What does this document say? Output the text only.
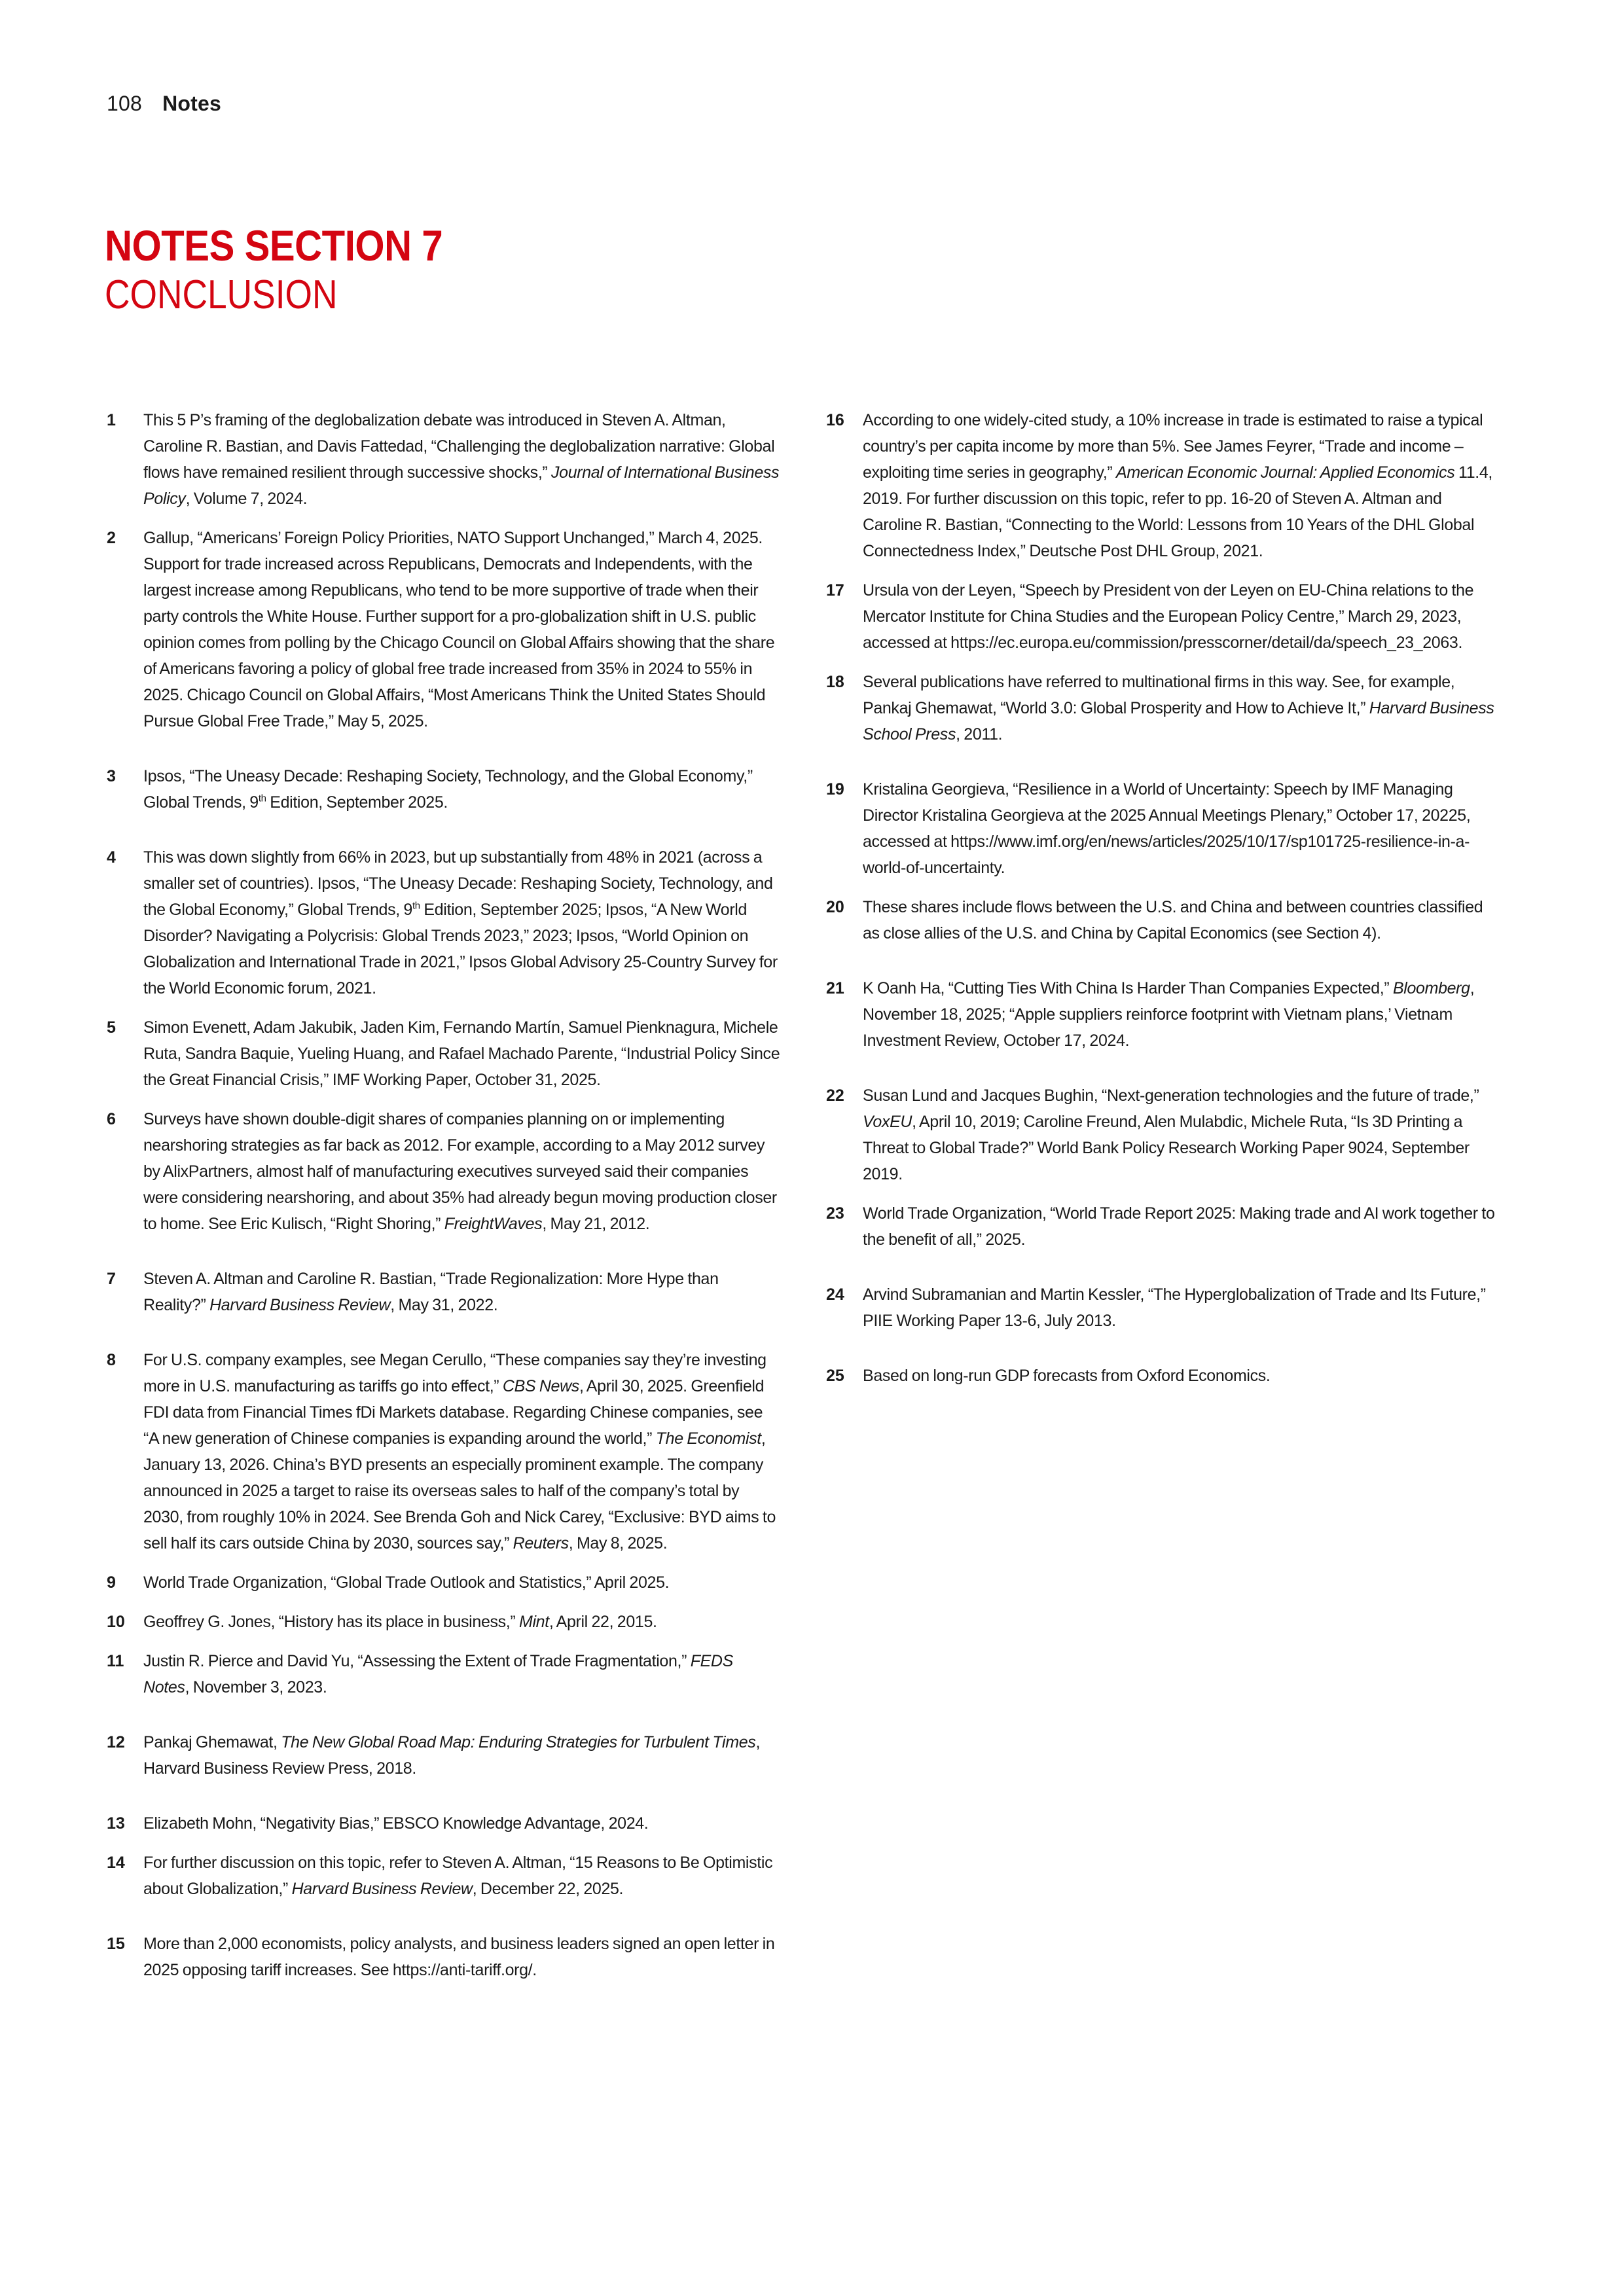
108 Notes
NOTES SECTION 7
CONCLUSION
1	This 5 P’s framing of the deglobalization debate was introduced in Steven A. Altman, Caroline R. Bastian, and Davis Fattedad, “Challenging the deglobalization narrative: Global flows have remained resilient through successive shocks,” Journal of International Business Policy, Volume 7, 2024.
2	Gallup, “Americans’ Foreign Policy Priorities, NATO Support Unchanged,” March 4, 2025. Support for trade increased across Republicans, Democrats and Independents, with the largest increase among Republicans, who tend to be more supportive of trade when their party controls the White House. Further support for a pro-globalization shift in U.S. public opinion comes from polling by the Chicago Council on Global Affairs showing that the share of Americans favoring a policy of global free trade increased from 35% in 2024 to 55% in 2025. Chicago Council on Global Affairs, “Most Americans Think the United States Should Pursue Global Free Trade,” May 5, 2025.
3	Ipsos, “The Uneasy Decade: Reshaping Society, Technology, and the Global Economy,” Global Trends, 9th Edition, September 2025.
4	This was down slightly from 66% in 2023, but up substantially from 48% in 2021 (across a smaller set of countries). Ipsos, “The Uneasy Decade: Reshaping Society, Technology, and the Global Economy,” Global Trends, 9th Edition, September 2025; Ipsos, “A New World Disorder? Navigating a Polycrisis: Global Trends 2023,” 2023; Ipsos, “World Opinion on Globalization and International Trade in 2021,” Ipsos Global Advisory 25-Country Survey for the World Economic forum, 2021.
5	Simon Evenett, Adam Jakubik, Jaden Kim, Fernando Martín, Samuel Pienknagura, Michele Ruta, Sandra Baquie, Yueling Huang, and Rafael Machado Parente, “Industrial Policy Since the Great Financial Crisis,” IMF Working Paper, October 31, 2025.
6	Surveys have shown double-digit shares of companies planning on or implementing nearshoring strategies as far back as 2012. For example, according to a May 2012 survey by AlixPartners, almost half of manufacturing executives surveyed said their companies were considering nearshoring, and about 35% had already begun moving production closer to home. See Eric Kulisch, “Right Shoring,” FreightWaves, May 21, 2012.
7	Steven A. Altman and Caroline R. Bastian, “Trade Regionalization: More Hype than Reality?” Harvard Business Review, May 31, 2022.
8	For U.S. company examples, see Megan Cerullo, “These companies say they’re investing more in U.S. manufacturing as tariffs go into effect,” CBS News, April 30, 2025. Greenfield FDI data from Financial Times fDi Markets database. Regarding Chinese companies, see “A new generation of Chinese companies is expanding around the world,” The Economist, January 13, 2026. China’s BYD presents an especially prominent example. The company announced in 2025 a target to raise its overseas sales to half of the company’s total by 2030, from roughly 10% in 2024. See Brenda Goh and Nick Carey, “Exclusive: BYD aims to sell half its cars outside China by 2030, sources say,” Reuters, May 8, 2025.
9	World Trade Organization, “Global Trade Outlook and Statistics,” April 2025.
10	Geoffrey G. Jones, “History has its place in business,” Mint, April 22, 2015.
11	Justin R. Pierce and David Yu, “Assessing the Extent of Trade Fragmentation,” FEDS Notes, November 3, 2023.
12	Pankaj Ghemawat, The New Global Road Map: Enduring Strategies for Turbulent Times, Harvard Business Review Press, 2018.
13	Elizabeth Mohn, “Negativity Bias,” EBSCO Knowledge Advantage, 2024.
14	For further discussion on this topic, refer to Steven A. Altman, “15 Reasons to Be Optimistic about Globalization,” Harvard Business Review, December 22, 2025.
15	More than 2,000 economists, policy analysts, and business leaders signed an open letter in 2025 opposing tariff increases. See https://anti-tariff.org/.
16	According to one widely-cited study, a 10% increase in trade is estimated to raise a typical country’s per capita income by more than 5%. See James Feyrer, “Trade and income – exploiting time series in geography,” American Economic Journal: Applied Economics 11.4, 2019. For further discussion on this topic, refer to pp. 16-20 of Steven A. Altman and Caroline R. Bastian, “Connecting to the World: Lessons from 10 Years of the DHL Global Connectedness Index,” Deutsche Post DHL Group, 2021.
17	Ursula von der Leyen, “Speech by President von der Leyen on EU-China relations to the Mercator Institute for China Studies and the European Policy Centre,” March 29, 2023, accessed at https://ec.europa.eu/commission/presscorner/detail/da/speech_23_2063.
18	Several publications have referred to multinational firms in this way. See, for example, Pankaj Ghemawat, “World 3.0: Global Prosperity and How to Achieve It,” Harvard Business School Press, 2011.
19	Kristalina Georgieva, “Resilience in a World of Uncertainty: Speech by IMF Managing Director Kristalina Georgieva at the 2025 Annual Meetings Plenary,” October 17, 20225, accessed at https://www.imf.org/en/news/articles/2025/10/17/sp101725-resilience-in-a-world-of-uncertainty.
20	These shares include flows between the U.S. and China and between countries classified as close allies of the U.S. and China by Capital Economics (see Section 4).
21	K Oanh Ha, “Cutting Ties With China Is Harder Than Companies Expected,” Bloomberg, November 18, 2025; “Apple suppliers reinforce footprint with Vietnam plans,’ Vietnam Investment Review, October 17, 2024.
22	Susan Lund and Jacques Bughin, “Next-generation technologies and the future of trade,” VoxEU, April 10, 2019; Caroline Freund, Alen Mulabdic, Michele Ruta, “Is 3D Printing a Threat to Global Trade?” World Bank Policy Research Working Paper 9024, September 2019.
23	World Trade Organization, “World Trade Report 2025: Making trade and AI work together to the benefit of all,” 2025.
24	Arvind Subramanian and Martin Kessler, “The Hyperglobalization of Trade and Its Future,” PIIE Working Paper 13-6, July 2013.
25	Based on long-run GDP forecasts from Oxford Economics.
